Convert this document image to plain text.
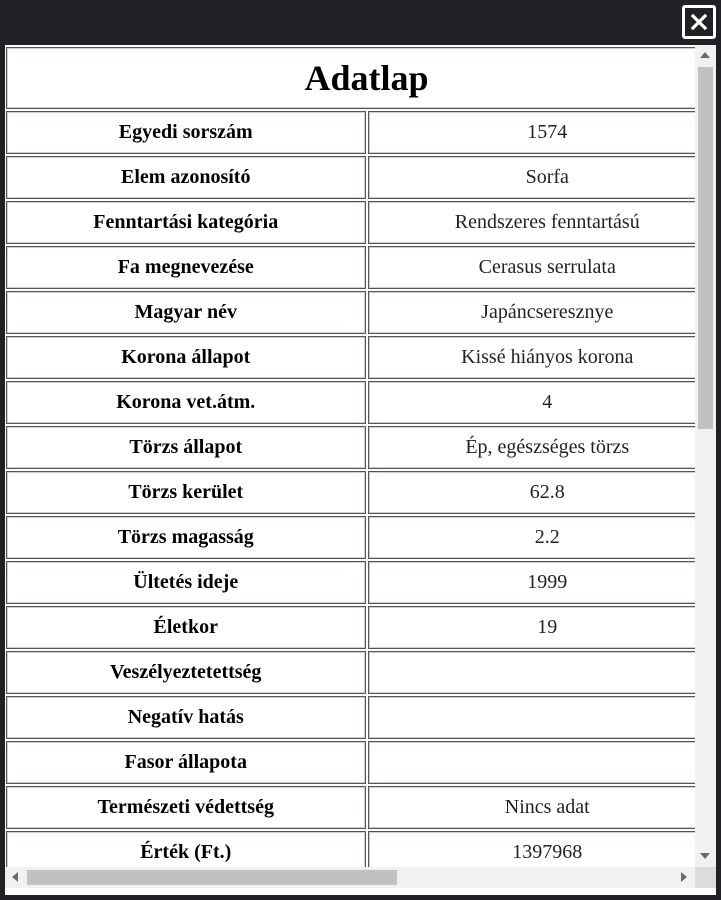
Adatlap	
Egyedi sorszám	1574
Elem azonosító	Sorfa
Fenntartási kategória	Rendszeres fenntartású
Fa megnevezése	Cerasus serrulata
Magyar név	Japáncseresznye
Korona állapot	Kissé hiányos korona
Korona vet.átm.	4
Törzs állapot	Ép, egészséges törzs
Törzs kerület	62.8
Törzs magasság	2.2
Ültetés ideje	1999
Életkor	19
Veszélyeztetettség	
Negatív hatás	
Fasor állapota	
Természeti védettség	Nincs adat
Érték (Ft.)	1397968
